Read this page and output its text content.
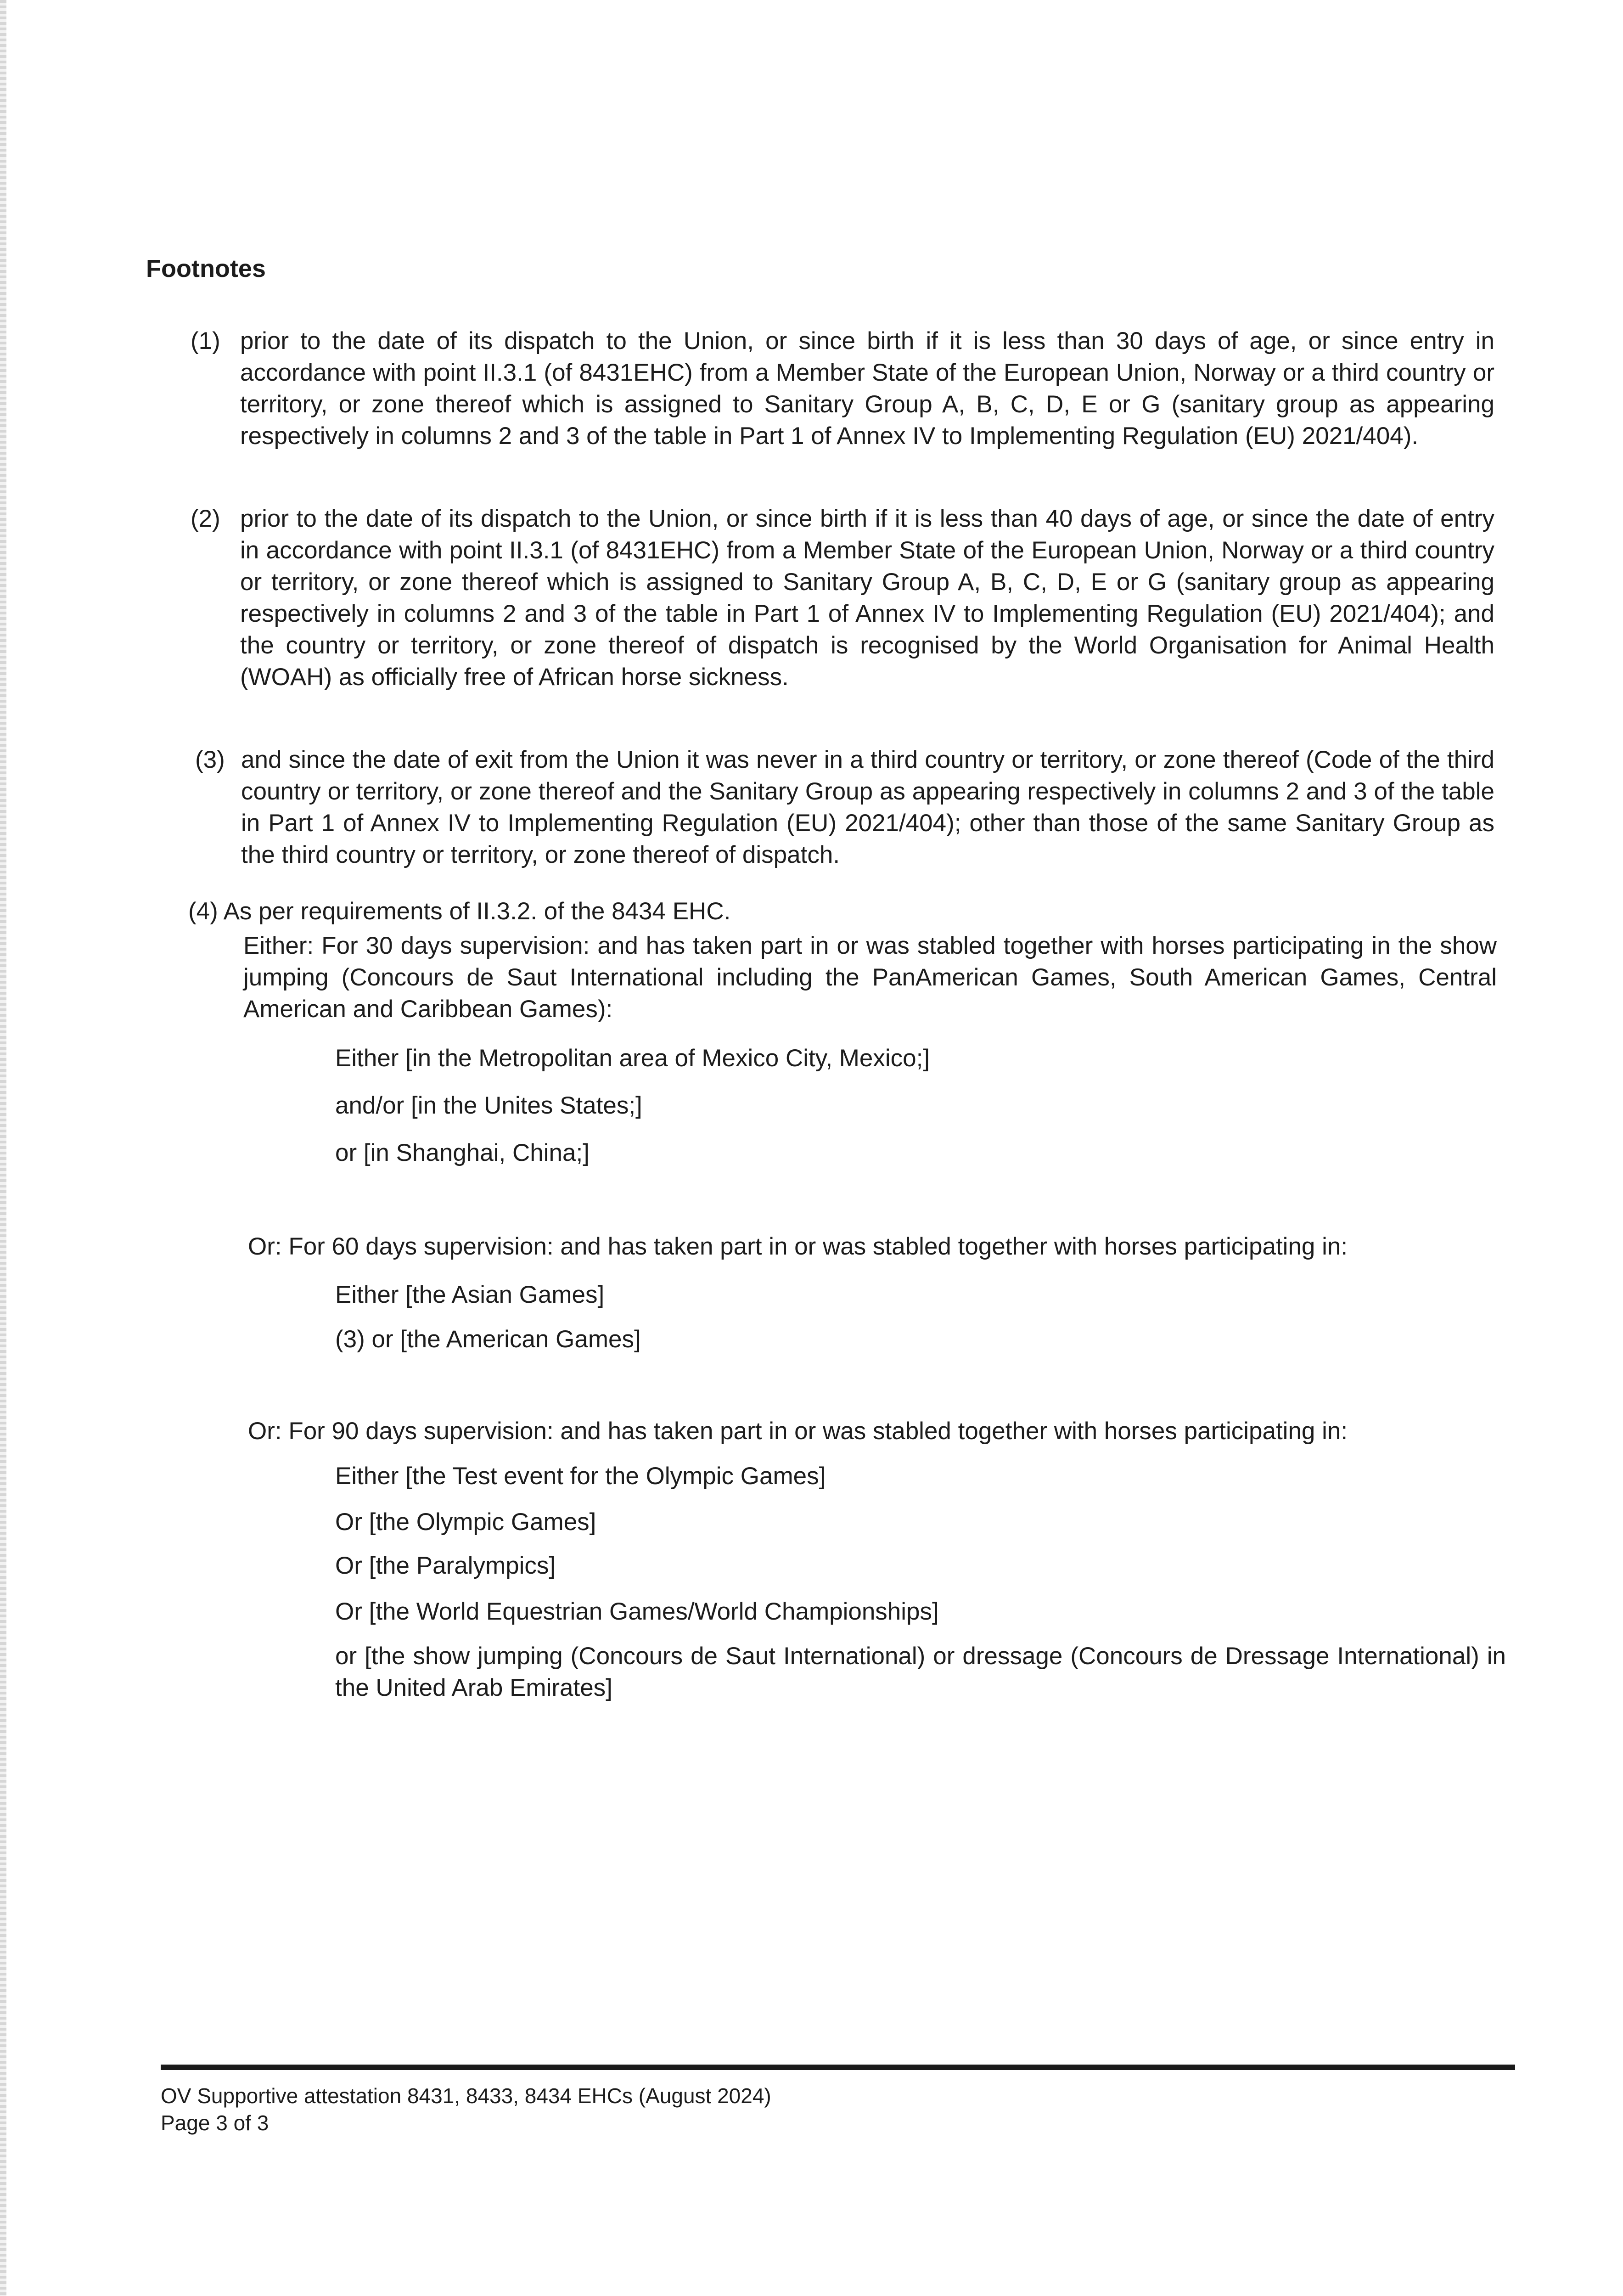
Footnotes
(1) prior to the date of its dispatch to the Union, or since birth if it is less than 30 days of age, or since entry in accordance with point II.3.1 (of 8431EHC) from a Member State of the European Union, Norway or a third country or territory, or zone thereof which is assigned to Sanitary Group A, B, C, D, E or G (sanitary group as appearing respectively in columns 2 and 3 of the table in Part 1 of Annex IV to Implementing Regulation (EU) 2021/404).
(2) prior to the date of its dispatch to the Union, or since birth if it is less than 40 days of age, or since the date of entry in accordance with point II.3.1 (of 8431EHC) from a Member State of the European Union, Norway or a third country or territory, or zone thereof which is assigned to Sanitary Group A, B, C, D, E or G (sanitary group as appearing respectively in columns 2 and 3 of the table in Part 1 of Annex IV to Implementing Regulation (EU) 2021/404); and the country or territory, or zone thereof of dispatch is recognised by the World Organisation for Animal Health (WOAH) as officially free of African horse sickness.
(3) and since the date of exit from the Union it was never in a third country or territory, or zone thereof (Code of the third country or territory, or zone thereof and the Sanitary Group as appearing respectively in columns 2 and 3 of the table in Part 1 of Annex IV to Implementing Regulation (EU) 2021/404); other than those of the same Sanitary Group as the third country or territory, or zone thereof of dispatch.

(4) As per requirements of II.3.2. of the 8434 EHC.

Either: For 30 days supervision: and has taken part in or was stabled together with horses participating in the show jumping (Concours de Saut International including the PanAmerican Games, South American Games, Central American and Caribbean Games):

Either [in the Metropolitan area of Mexico City, Mexico;]

and/or [in the Unites States;]

or [in Shanghai, China;]

Or: For 60 days supervision: and has taken part in or was stabled together with horses participating in:

Either [the Asian Games]

(3) or [the American Games]

Or: For 90 days supervision: and has taken part in or was stabled together with horses participating in:

Either [the Test event for the Olympic Games]

Or [the Olympic Games]

Or [the Paralympics]

Or [the World Equestrian Games/World Championships]

or [the show jumping (Concours de Saut International) or dressage (Concours de Dressage International) in the United Arab Emirates]

OV Supportive attestation 8431, 8433, 8434 EHCs (August 2024)

Page 3 of 3
